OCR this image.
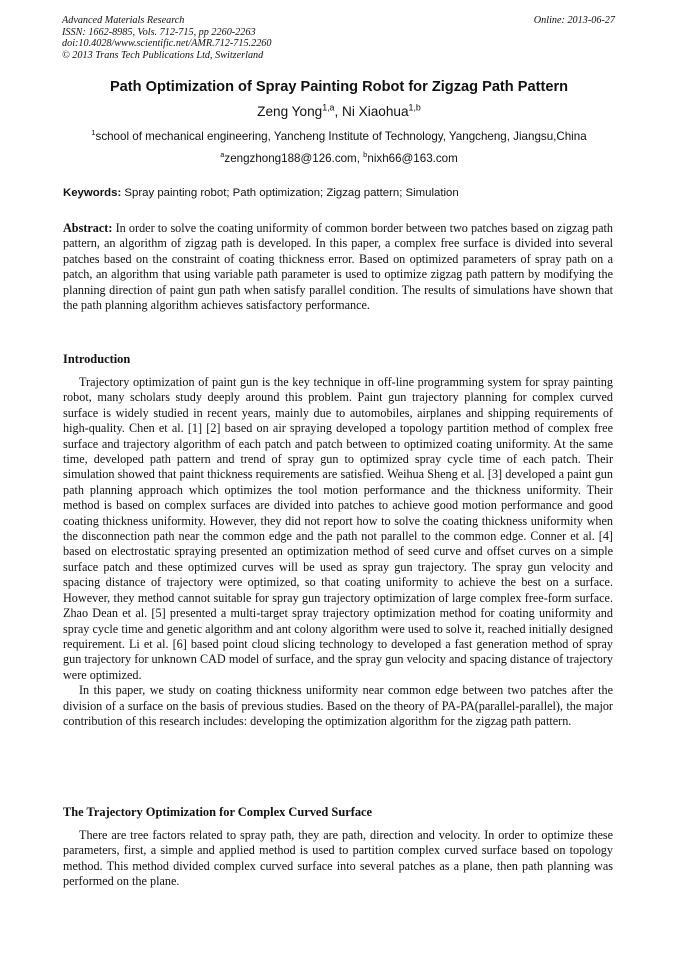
Advanced Materials Research
ISSN: 1662-8985, Vols. 712-715, pp 2260-2263
doi:10.4028/www.scientific.net/AMR.712-715.2260
© 2013 Trans Tech Publications Ltd, Switzerland
Online: 2013-06-27
Path Optimization of Spray Painting Robot for Zigzag Path Pattern
Zeng Yong$^{1,a}$, Ni Xiaohua$^{1,b}$
$^1$school of mechanical engineering, Yancheng Institute of Technology, Yangcheng, Jiangsu,China
$^a$zengzhong188@126.com, $^b$nixh66@163.com
Keywords: Spray painting robot; Path optimization; Zigzag pattern; Simulation

Abstract: In order to solve the coating uniformity of common border between two patches based on zigzag path pattern, an algorithm of zigzag path is developed. In this paper, a complex free surface is divided into several patches based on the constraint of coating thickness error. Based on optimized parameters of spray path on a patch, an algorithm that using variable path parameter is used to optimize zigzag path pattern by modifying the planning direction of paint gun path when satisfy parallel condition. The results of simulations have shown that the path planning algorithm achieves satisfactory performance.

Introduction

Trajectory optimization of paint gun is the key technique in off-line programming system for spray painting robot, many scholars study deeply around this problem. Paint gun trajectory planning for complex curved surface is widely studied in recent years, mainly due to automobiles, airplanes and shipping requirements of high-quality. Chen et al. [1] [2] based on air spraying developed a topology partition method of complex free surface and trajectory algorithm of each patch and patch between to optimized coating uniformity. At the same time, developed path pattern and trend of spray gun to optimized spray cycle time of each patch. Their simulation showed that paint thickness requirements are satisfied. Weihua Sheng et al. [3] developed a paint gun path planning approach which optimizes the tool motion performance and the thickness uniformity. Their method is based on complex surfaces are divided into patches to achieve good motion performance and good coating thickness uniformity. However, they did not report how to solve the coating thickness uniformity when the disconnection path near the common edge and the path not parallel to the common edge. Conner et al. [4] based on electrostatic spraying presented an optimization method of seed curve and offset curves on a simple surface patch and these optimized curves will be used as spray gun trajectory. The spray gun velocity and spacing distance of trajectory were optimized, so that coating uniformity to achieve the best on a surface. However, they method cannot suitable for spray gun trajectory optimization of large complex free-form surface. Zhao Dean et al. [5] presented a multi-target spray trajectory optimization method for coating uniformity and spray cycle time and genetic algorithm and ant colony algorithm were used to solve it, reached initially designed requirement. Li et al. [6] based point cloud slicing technology to developed a fast generation method of spray gun trajectory for unknown CAD model of surface, and the spray gun velocity and spacing distance of trajectory were optimized.

In this paper, we study on coating thickness uniformity near common edge between two patches after the division of a surface on the basis of previous studies. Based on the theory of PA-PA(parallel-parallel), the major contribution of this research includes: developing the optimization algorithm for the zigzag path pattern.

The Trajectory Optimization for Complex Curved Surface

There are tree factors related to spray path, they are path, direction and velocity. In order to optimize these parameters, first, a simple and applied method is used to partition complex curved surface based on topology method. This method divided complex curved surface into several patches as a plane, then path planning was performed on the plane.
